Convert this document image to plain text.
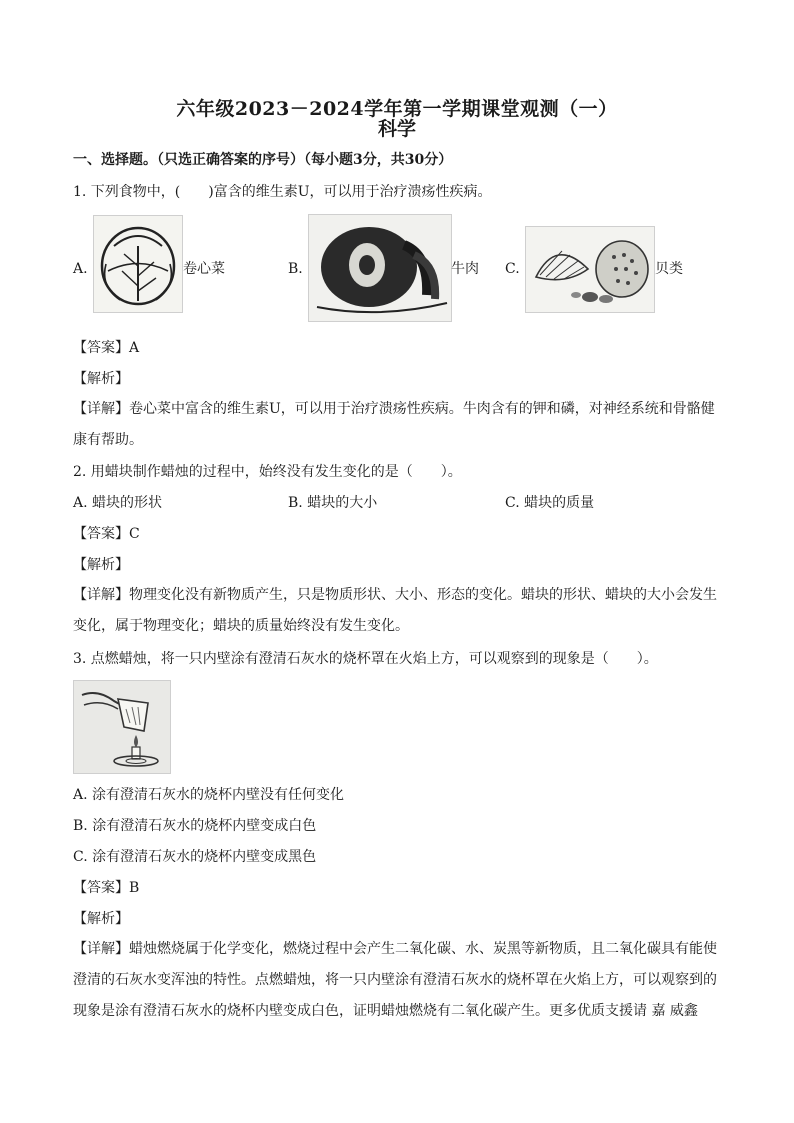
六年级2023－2024学年第一学期课堂观测（一）
科学
一、选择题。（只选正确答案的序号）（每小题3分，共30分）
1. 下列食物中，(　　)富含的维生素U，可以用于治疗溃疡性疾病。
A.	卷心菜	B.	牛肉 C.	贝类
【答案】A
【解析】
【详解】卷心菜中富含的维生素U，可以用于治疗溃疡性疾病。牛肉含有的钾和磷，对神经系统和骨骼健康有帮助。
2. 用蜡块制作蜡烛的过程中，始终没有发生变化的是（　　）。
A. 蜡块的形状	B. 蜡块的大小	C. 蜡块的质量
【答案】C
【解析】
【详解】物理变化没有新物质产生，只是物质形状、大小、形态的变化。蜡块的形状、蜡块的大小会发生变化，属于物理变化；蜡块的质量始终没有发生变化。
3. 点燃蜡烛，将一只内壁涂有澄清石灰水的烧杯罩在火焰上方，可以观察到的现象是（　　）。
A. 涂有澄清石灰水的烧杯内壁没有任何变化
B. 涂有澄清石灰水的烧杯内壁变成白色
C. 涂有澄清石灰水的烧杯内壁变成黑色
【答案】B
【解析】
【详解】蜡烛燃烧属于化学变化，燃烧过程中会产生二氧化碳、水、炭黑等新物质，且二氧化碳具有能使澄清的石灰水变浑浊的特性。点燃蜡烛，将一只内壁涂有澄清石灰水的烧杯罩在火焰上方，可以观察到的现象是涂有澄清石灰水的烧杯内壁变成白色，证明蜡烛燃烧有二氧化碳产生。更多优质支援请 嘉 威鑫
